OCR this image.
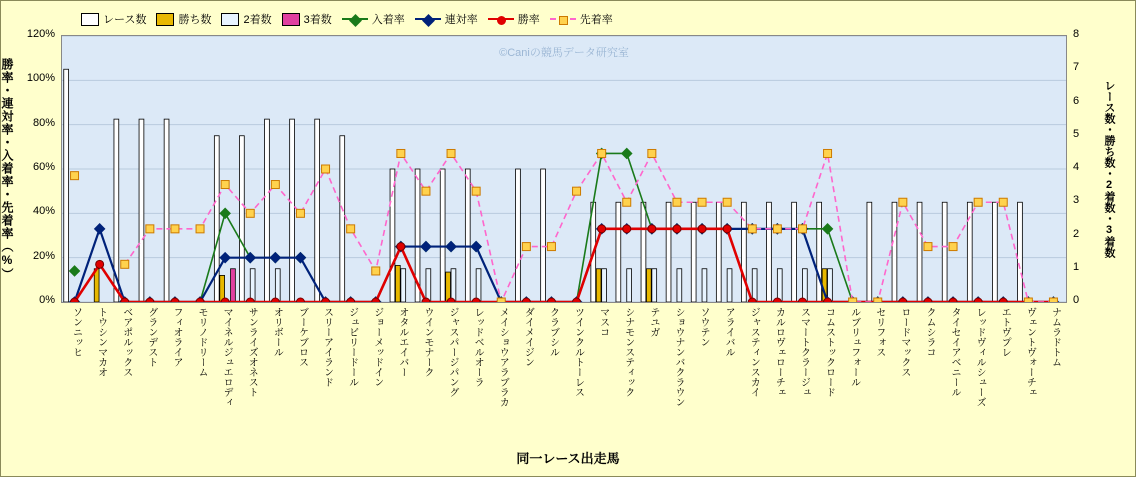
レース数	勝ち数	2着数	3着数	入着率	連対率	勝率	先着率
勝率･連対率･入着率･先着率（%）	レース数･勝ち数･2着数･3着数
©Caniの競馬データ研究室
0%
20%
40%
60%
80%
100%
120%
0
1
2
3
4
5
6
7
8
ソンニッヒ トウシンマカオ ベアポルックス グランデスト フィオライア モリノドリーム マイネルジュエロディ サンライズオネスト オリボール ブーケブロス スリーアイランド ジュビリードール ジョーメッドイン オタルエイバー ウインモナーク ジャスパージパング レッドベルオーラ メイショウアラブラカ ダイメイジン クラブシル ツインクルトーレス マスコ シナモンスティック テユガ ショウナンバクラウン ソウテン アライバル ジャスティンスカイ カルロヴェローチェ スマートクラージュ コムストックロード ルブリュフォール セリフォス ロードマックス クムシラコ タイセイアベニール レッドヴィルシューズ エトヴプレ ヴェントヴォーチェ ナムラドトム
同一レース出走馬
